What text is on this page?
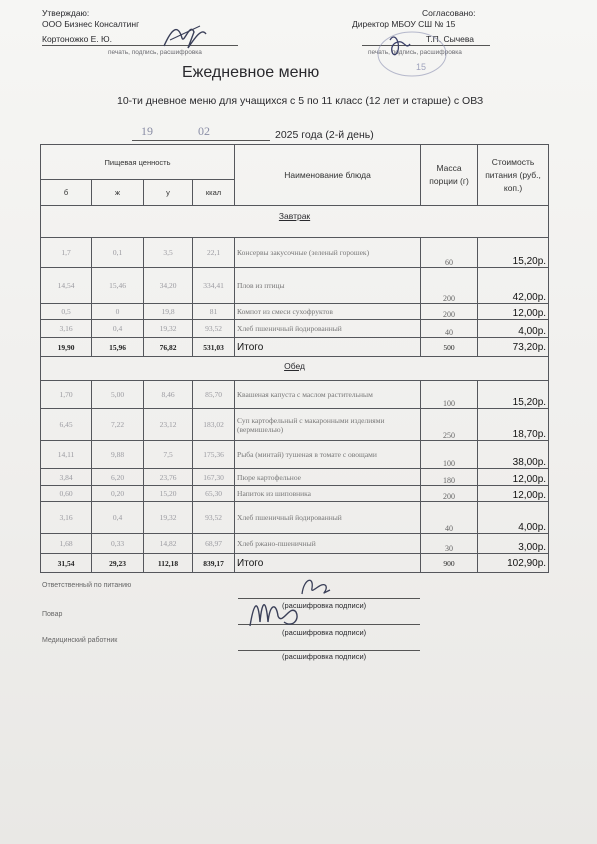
Утверждаю:
ООО Бизнес Консалтинг
Кортоножко Е. Ю.
печать, подпись, расшифровка
Согласовано:
Директор МБОУ СШ № 15
Т.П. Сычева
печать, подпись, расшифровка
15
Ежедневное меню
10-ти дневное меню для учащихся с 5 по 11 класс (12 лет и старше) с ОВЗ
19	02	2025 года (2-й день)
Пищевая ценность				Наименование блюда	Масса порции (г)	Стоимость питания (руб., коп.)
б	ж	у	ккал			
Завтрак						

1,7	0,1	3,5	22,1	Консервы закусочные (зеленый горошек)	60	15,20р.
14,54	15,46	34,20	334,41	Плов из птицы	200	42,00р.
0,5	0	19,8	81	Компот из смеси сухофруктов	200	12,00р.
3,16	0,4	19,32	93,52	Хлеб пшеничный йодированный	40	4,00р.
19,90	15,96	76,82	531,03	Итого	500	73,20р.
Обед						

1,70	5,00	8,46	85,70	Квашеная капуста с маслом растительным	100	15,20р.
6,45	7,22	23,12	183,02	Суп картофельный с макаронными изделиями (вермишелью)	250	18,70р.
14,11	9,88	7,5	175,36	Рыба (минтай) тушеная в томате с овощами	100	38,00р.
3,84	6,20	23,76	167,30	Пюре картофельное	180	12,00р.
0,60	0,20	15,20	65,30	Напиток из шиповника	200	12,00р.
3,16	0,4	19,32	93,52	Хлеб пшеничный йодированный	40	4,00р.
1,68	0,33	14,82	68,97	Хлеб ржано-пшеничный	30	3,00р.
31,54	29,23	112,18	839,17	Итого	900	102,90р.
Ответственный по питанию
(расшифровка подписи)
Повар
(расшифровка подписи)
Медицинский работник
(расшифровка подписи)
